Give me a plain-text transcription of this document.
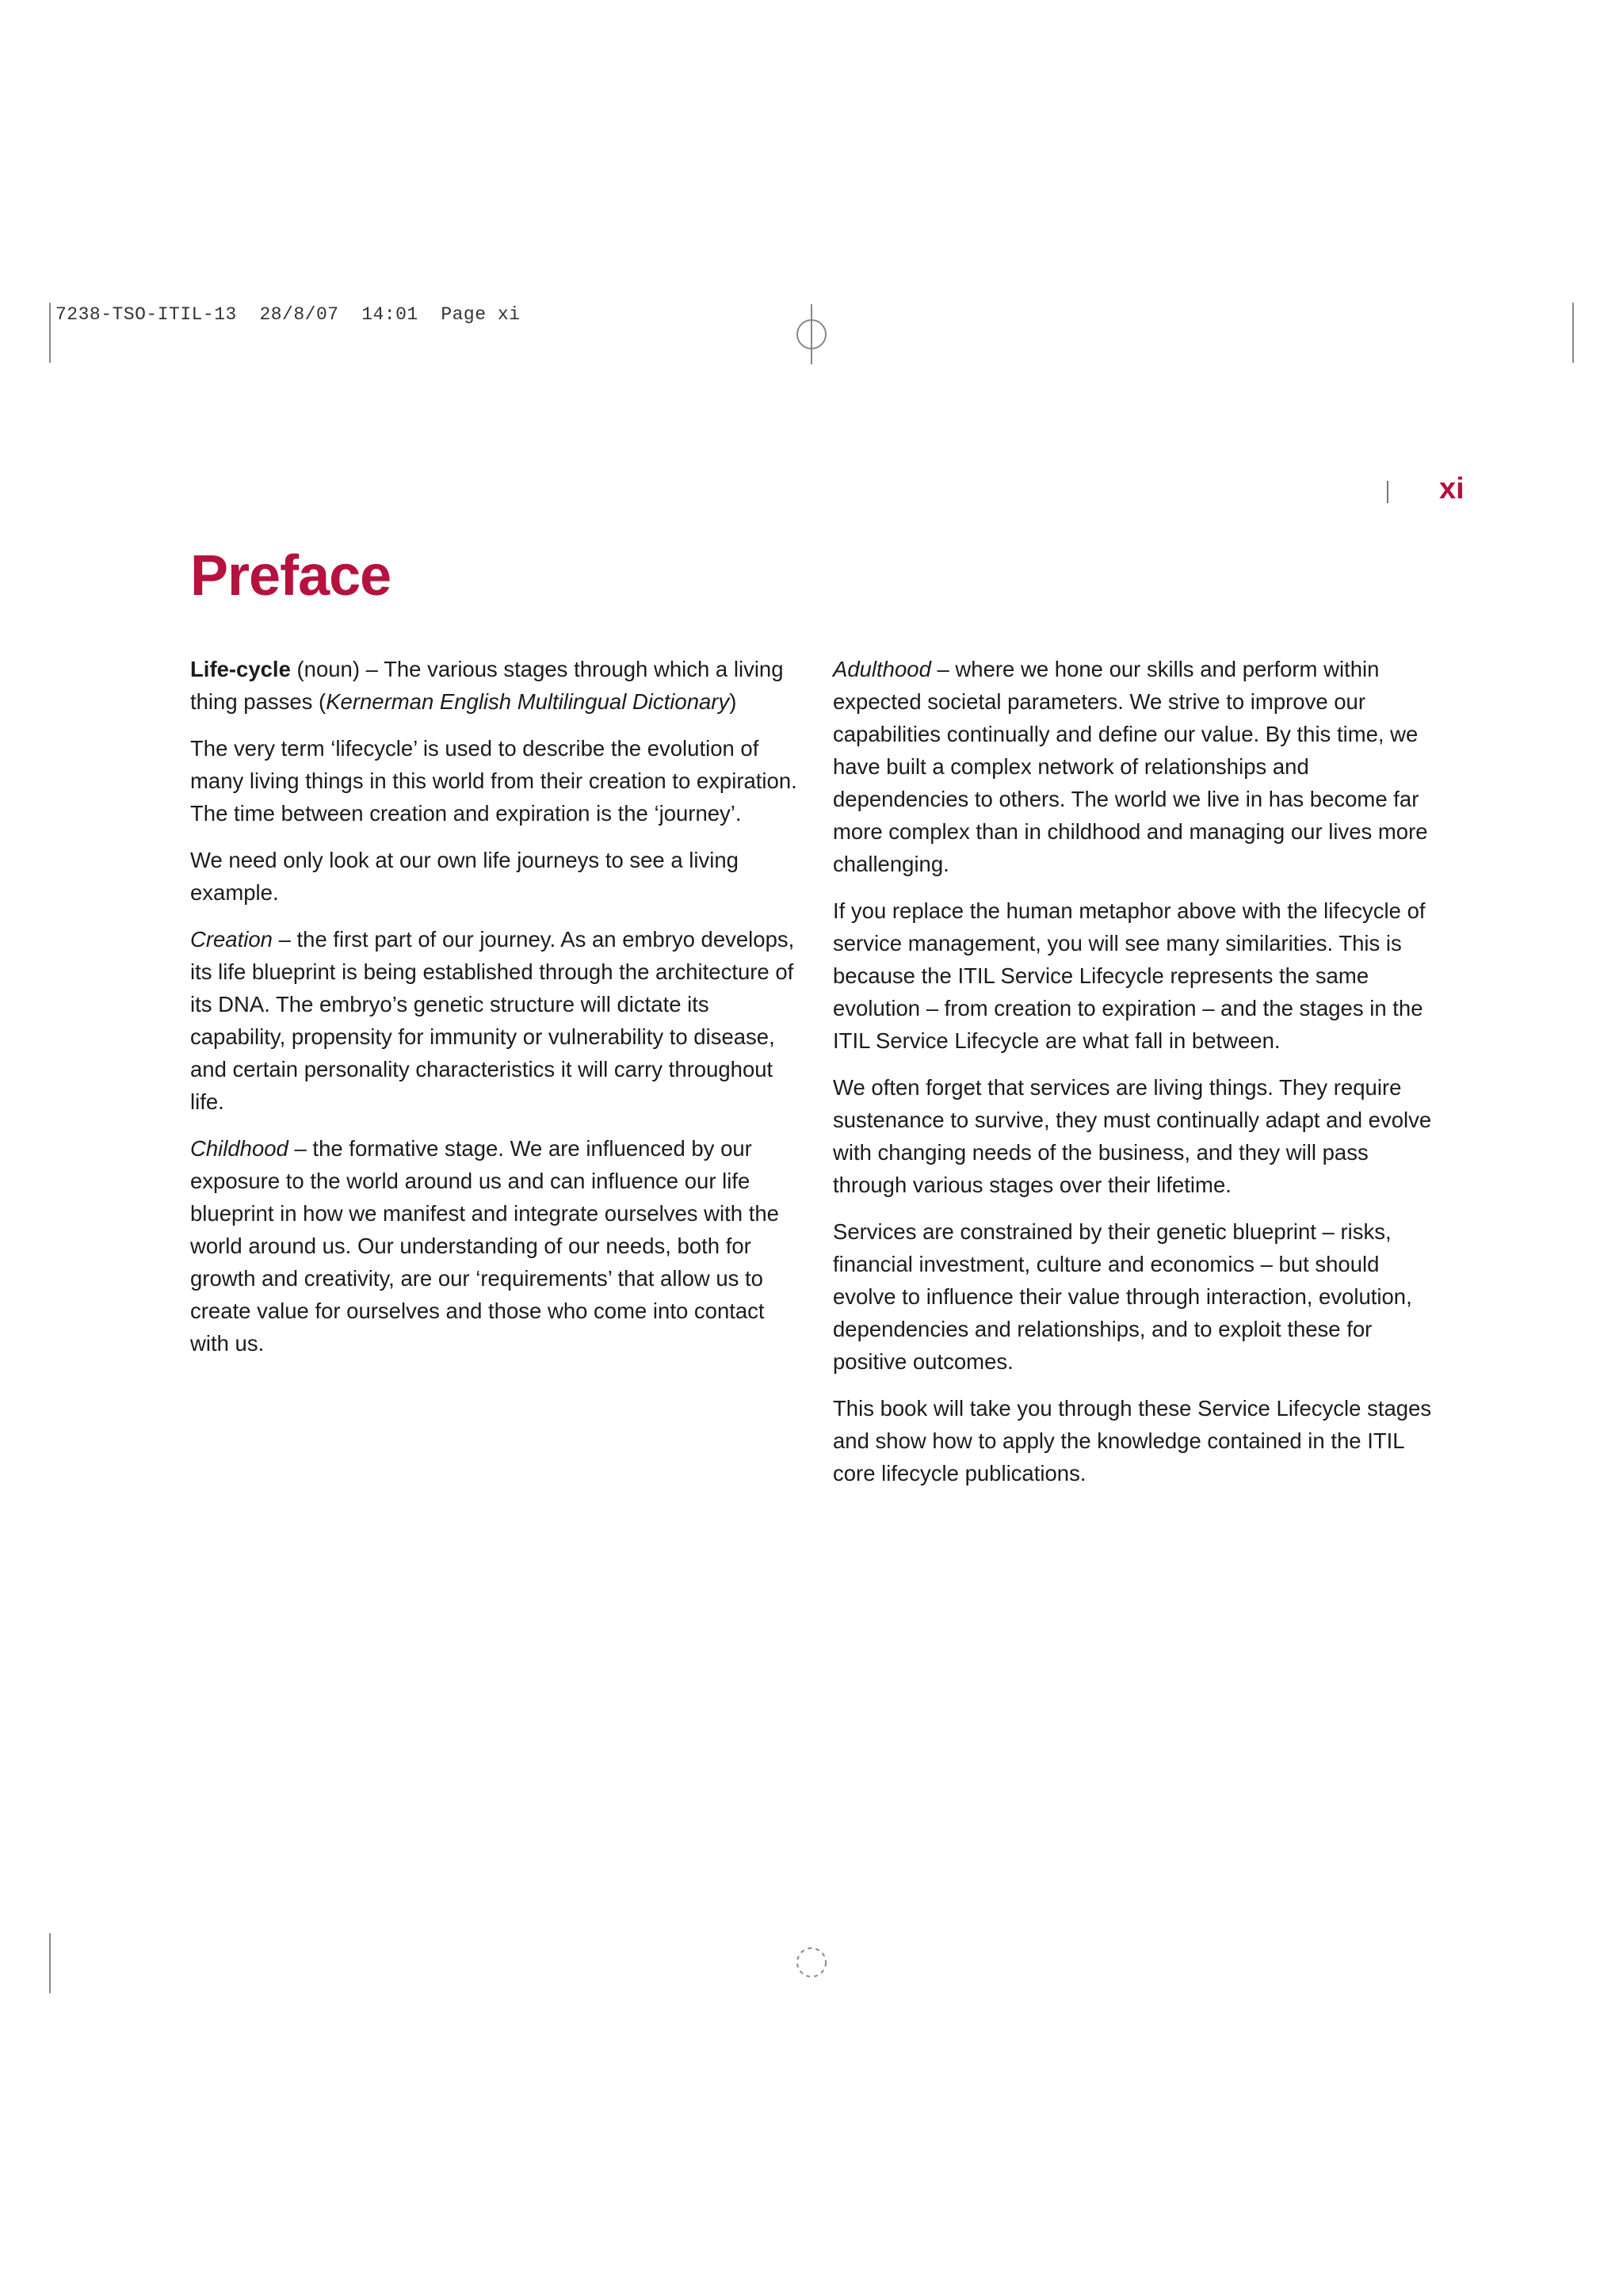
7238-TSO-ITIL-13 28/8/07 14:01 Page xi
xi
Preface

Life-cycle (noun) – The various stages through which a living thing passes (Kernerman English Multilingual Dictionary)

The very term ‘lifecycle’ is used to describe the evolution of many living things in this world from their creation to expiration. The time between creation and expiration is the ‘journey’.

We need only look at our own life journeys to see a living example.

Creation – the first part of our journey. As an embryo develops, its life blueprint is being established through the architecture of its DNA. The embryo’s genetic structure will dictate its capability, propensity for immunity or vulnerability to disease, and certain personality characteristics it will carry throughout life.

Childhood – the formative stage. We are influenced by our exposure to the world around us and can influence our life blueprint in how we manifest and integrate ourselves with the world around us. Our understanding of our needs, both for growth and creativity, are our ‘requirements’ that allow us to create value for ourselves and those who come into contact with us.

Adulthood – where we hone our skills and perform within expected societal parameters. We strive to improve our capabilities continually and define our value. By this time, we have built a complex network of relationships and dependencies to others. The world we live in has become far more complex than in childhood and managing our lives more challenging.

If you replace the human metaphor above with the lifecycle of service management, you will see many similarities. This is because the ITIL Service Lifecycle represents the same evolution – from creation to expiration – and the stages in the ITIL Service Lifecycle are what fall in between.

We often forget that services are living things. They require sustenance to survive, they must continually adapt and evolve with changing needs of the business, and they will pass through various stages over their lifetime.

Services are constrained by their genetic blueprint – risks, financial investment, culture and economics – but should evolve to influence their value through interaction, evolution, dependencies and relationships, and to exploit these for positive outcomes.

This book will take you through these Service Lifecycle stages and show how to apply the knowledge contained in the ITIL core lifecycle publications.
